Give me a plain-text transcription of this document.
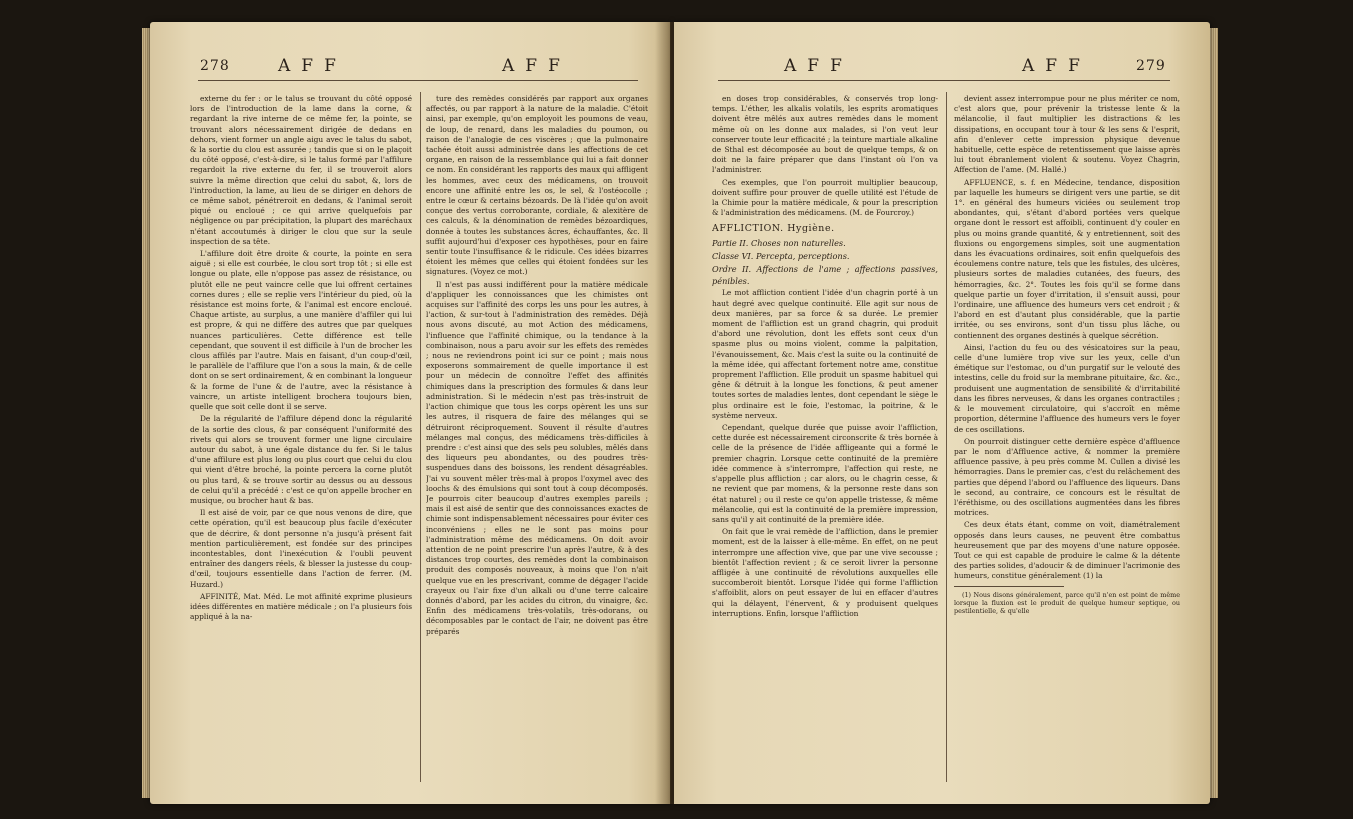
278	AFF	AFF

externe du fer : or le talus se trouvant du côté opposé lors de l'introduction de la lame dans la corne, & regardant la rive interne de ce même fer, la pointe, se trouvant alors nécessairement dirigée de dedans en dehors, vient former un angle aigu avec le talus du sabot, & la sortie du clou est assurée ; tandis que si on le plaçoit du côté opposé, c'est-à-dire, si le talus formé par l'affilure regardoit la rive externe du fer, il se trouveroit alors suivre la même direction que celui du sabot, &, lors de l'introduction, la lame, au lieu de se diriger en dehors de ce même sabot, pénétreroit en dedans, & l'animal seroit piqué ou encloué ; ce qui arrive quelquefois par négligence ou par précipitation, la plupart des maréchaux n'étant accoutumés à diriger le clou que sur la seule inspection de sa tête.

L'affilure doit être droite & courte, la pointe en sera aiguë ; si elle est courbée, le clou sort trop tôt ; si elle est longue ou plate, elle n'oppose pas assez de résistance, ou plutôt elle ne peut vaincre celle que lui offrent certaines cornes dures ; elle se replie vers l'intérieur du pied, où la résistance est moins forte, & l'animal est encore encloué. Chaque artiste, au surplus, a une manière d'affiler qui lui est propre, & qui ne diffère des autres que par quelques nuances particulières. Cette différence est telle cependant, que souvent il est difficile à l'un de brocher les clous affilés par l'autre. Mais en faisant, d'un coup-d'œil, le parallèle de l'affilure que l'on a sous la main, & de celle dont on se sert ordinairement, & en combinant la longueur & la forme de l'une & de l'autre, avec la résistance à vaincre, un artiste intelligent brochera toujours bien, quelle que soit celle dont il se serve.

De la régularité de l'affilure dépend donc la régularité de la sortie des clous, & par conséquent l'uniformité des rivets qui alors se trouvent former une ligne circulaire autour du sabot, à une égale distance du fer. Si le talus d'une affilure est plus long ou plus court que celui du clou qui vient d'être broché, la pointe percera la corne plutôt ou plus tard, & se trouve sortir au dessus ou au dessous de celui qu'il a précédé : c'est ce qu'on appelle brocher en musique, ou brocher haut & bas.

Il est aisé de voir, par ce que nous venons de dire, que cette opération, qu'il est beaucoup plus facile d'exécuter que de décrire, & dont personne n'a jusqu'à présent fait mention particulièrement, est fondée sur des principes incontestables, dont l'inexécution & l'oubli peuvent entraîner des dangers réels, & blesser la justesse du coup-d'œil, toujours essentielle dans l'action de ferrer. (M. Huzard.)

AFFINITÉ, Mat. Méd. Le mot affinité exprime plusieurs idées différentes en matière médicale ; on l'a plusieurs fois appliqué à la na-

ture des remèdes considérés par rapport aux organes affectés, ou par rapport à la nature de la maladie. C'étoit ainsi, par exemple, qu'on employoit les poumons de veau, de loup, de renard, dans les maladies du poumon, ou raison de l'analogie de ces viscères ; que la pulmonaire tachée étoit aussi administrée dans les affections de cet organe, en raison de la ressemblance qui lui a fait donner ce nom. En considérant les rapports des maux qui affligent les hommes, avec ceux des médicamens, on trouvoit encore une affinité entre les os, le sel, & l'ostéocolle ; entre le cœur & certains bézoards. De là l'idée qu'on avoit conçue des vertus corroborante, cordiale, & alexitère de ces calculs, & la dénomination de remèdes bézoardiques, donnée à toutes les substances âcres, échauffantes, &c. Il suffit aujourd'hui d'exposer ces hypothèses, pour en faire sentir toute l'insuffisance & le ridicule. Ces idées bizarres étoient les mêmes que celles qui étoient fondées sur les signatures. (Voyez ce mot.)

Il n'est pas aussi indifférent pour la matière médicale d'appliquer les connoissances que les chimistes ont acquises sur l'affinité des corps les uns pour les autres, à l'action, & sur-tout à l'administration des remèdes. Déjà nous avons discuté, au mot Action des médicamens, l'influence que l'affinité chimique, ou la tendance à la combinaison, nous a paru avoir sur les effets des remèdes ; nous ne reviendrons point ici sur ce point ; mais nous exposerons sommairement de quelle importance il est pour un médecin de connoître l'effet des affinités chimiques dans la prescription des formules & dans leur administration. Si le médecin n'est pas très-instruit de l'action chimique que tous les corps opèrent les uns sur les autres, il risquera de faire des mélanges qui se détruiront réciproquement. Souvent il résulte d'autres mélanges mal conçus, des médicamens très-difficiles à prendre : c'est ainsi que des sels peu solubles, mêlés dans des liqueurs peu abondantes, ou des poudres très-suspendues dans des boissons, les rendent désagréables. J'ai vu souvent mêler très-mal à propos l'oxymel avec des loochs & des émulsions qui sont tout à coup décomposés. Je pourrois citer beaucoup d'autres exemples pareils ; mais il est aisé de sentir que des connoissances exactes de chimie sont indispensablement nécessaires pour éviter ces inconvéniens ; elles ne le sont pas moins pour l'administration même des médicamens. On doit avoir attention de ne point prescrire l'un après l'autre, & à des distances trop courtes, des remèdes dont la combinaison produit des composés nouveaux, à moins que l'on n'ait quelque vue en les prescrivant, comme de dégager l'acide crayeux ou l'air fixe d'un alkali ou d'une terre calcaire donnés d'abord, par les acides du citron, du vinaigre, &c. Enfin des médicamens très-volatils, très-odorans, ou décomposables par le contact de l'air, ne doivent pas être préparés

AFF	AFF	279

en doses trop considérables, & conservés trop long-temps. L'éther, les alkalis volatils, les esprits aromatiques doivent être mêlés aux autres remèdes dans le moment même où on les donne aux malades, si l'on veut leur conserver toute leur efficacité ; la teinture martiale alkaline de Sthal est décomposée au bout de quelque temps, & on doit ne la faire préparer que dans l'instant où l'on va l'administrer.

Ces exemples, que l'on pourroit multiplier beaucoup, doivent suffire pour prouver de quelle utilité est l'étude de la Chimie pour la matière médicale, & pour la prescription & l'administration des médicamens. (M. de Fourcroy.)

AFFLICTION. Hygiène.

Partie II. Choses non naturelles.

Classe VI. Percepta, perceptions.

Ordre II. Affections de l'ame ; affections passives, pénibles.

Le mot affliction contient l'idée d'un chagrin porté à un haut degré avec quelque continuité. Elle agit sur nous de deux manières, par sa force & sa durée. Le premier moment de l'affliction est un grand chagrin, qui produit d'abord une révolution, dont les effets sont ceux d'un spasme plus ou moins violent, comme la palpitation, l'évanouissement, &c. Mais c'est la suite ou la continuité de la même idée, qui affectant fortement notre ame, constitue proprement l'affliction. Elle produit un spasme habituel qui gêne & détruit à la longue les fonctions, & peut amener toutes sortes de maladies lentes, dont cependant le siège le plus ordinaire est le foie, l'estomac, la poitrine, & le système nerveux.

Cependant, quelque durée que puisse avoir l'affliction, cette durée est nécessairement circonscrite & très bornée à celle de la présence de l'idée affligeante qui a formé le premier chagrin. Lorsque cette continuité de la première idée commence à s'interrompre, l'affection qui reste, ne s'appelle plus affliction ; car alors, ou le chagrin cesse, & ne revient que par momens, & la personne reste dans son état naturel ; ou il reste ce qu'on appelle tristesse, & même mélancolie, qui est la continuité de la première impression, sans qu'il y ait continuité de la première idée.

On fait que le vrai remède de l'affliction, dans le premier moment, est de la laisser à elle-même. En effet, on ne peut interrompre une affection vive, que par une vive secousse ; bientôt l'affection revient ; & ce seroit livrer la personne affligée à une continuité de révolutions auxquelles elle succomberoit bientôt. Lorsque l'idée qui forme l'affliction s'affoiblit, alors on peut essayer de lui en effacer d'autres qui la délayent, l'énervent, & y produisent quelques interruptions. Enfin, lorsque l'affliction

devient assez interrompue pour ne plus mériter ce nom, c'est alors que, pour prévenir la tristesse lente & la mélancolie, il faut multiplier les distractions & les dissipations, en occupant tour à tour & les sens & l'esprit, afin d'enlever cette impression physique devenue habituelle, cette espèce de retentissement que laisse après lui tout ébranlement violent & soutenu. Voyez Chagrin, Affection de l'ame. (M. Hallé.)

AFFLUENCE, s. f. en Médecine, tendance, disposition par laquelle les humeurs se dirigent vers une partie, se dit 1°. en général des humeurs viciées ou seulement trop abondantes, qui, s'étant d'abord portées vers quelque organe dont le ressort est affoibli, continuent d'y couler en plus ou moins grande quantité, & y entretiennent, soit des fluxions ou engorgemens simples, soit une augmentation dans les évacuations ordinaires, soit enfin quelquefois des écoulemens contre nature, tels que les fistules, des ulcères, plusieurs sortes de maladies cutanées, des fueurs, des hémorragies, &c. 2°. Toutes les fois qu'il se forme dans quelque partie un foyer d'irritation, il s'ensuit aussi, pour l'ordinaire, une affluence des humeurs vers cet endroit ; & l'abord en est d'autant plus considérable, que la partie irritée, ou ses environs, sont d'un tissu plus lâche, ou contiennent des organes destinés à quelque sécrétion.

Ainsi, l'action du feu ou des vésicatoires sur la peau, celle d'une lumière trop vive sur les yeux, celle d'un émétique sur l'estomac, ou d'un purgatif sur le velouté des intestins, celle du froid sur la membrane pituitaire, &c. &c., produisent une augmentation de sensibilité & d'irritabilité dans les fibres nerveuses, & dans les organes contractiles ; & le mouvement circulatoire, qui s'accroît en même proportion, détermine l'affluence des humeurs vers le foyer de ces oscillations.

On pourroit distinguer cette dernière espèce d'affluence par le nom d'Affluence active, & nommer la première affluence passive, à peu près comme M. Cullen a divisé les hémorragies. Dans le premier cas, c'est du relâchement des parties que dépend l'abord ou l'affluence des liqueurs. Dans le second, au contraire, ce concours est le résultat de l'éréthisme, ou des oscillations augmentées dans les fibres motrices.

Ces deux états étant, comme on voit, diamétralement opposés dans leurs causes, ne peuvent être combattus heureusement que par des moyens d'une nature opposée. Tout ce qui est capable de produire le calme & la détente des parties solides, d'adoucir & de diminuer l'acrimonie des humeurs, constitue généralement (1) la

(1) Nous disons généralement, parce qu'il n'en est point de même lorsque la fluxion est le produit de quelque humeur septique, ou pestilentielle, & qu'elle
